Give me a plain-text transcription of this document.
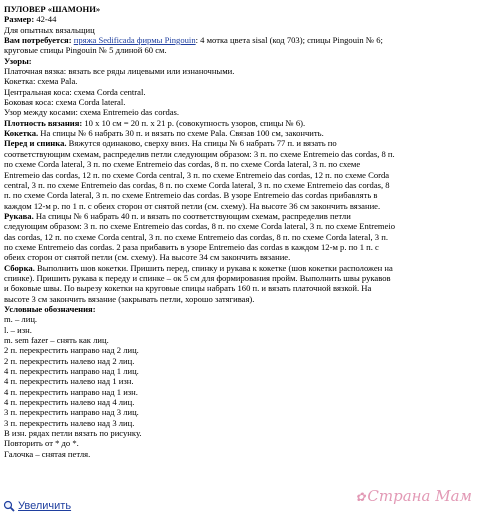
ПУЛОВЕР «ШАМОНИ»
Размер: 42-44
Для опытных вязальщиц
Вам потребуется: пряжа Sedificada фирмы Pingouin: 4 мотка цвета sisal (код 703); спицы Pingouin № 6;
круговые спицы Pingouin № 5 длиной 60 см.
Узоры:
Платочная вязка: вязать все ряды лицевыми или изнаночными.
Кокетка: схема Pala.
Центральная коса: схема Corda central.
Боковая коса: схема Corda lateral.
Узор между косами: схема Entremeio das cordas.
Плотность вязания: 10 х 10 см = 20 п. х 21 р. (совокупность узоров, спицы № 6).
Кокетка. На спицы № 6 набрать 30 п. и вязать по схеме Pala. Связав 100 см, закончить.
Перед и спинка. Вяжутся одинаково, сверху вниз. На спицы № 6 набрать 77 п. и вязать по
соответствующим схемам, распределив петли следующим образом: 3 п. по схеме Entremeio das cordas, 8 п.
по схеме Corda lateral, 3 п. по схеме Entremeio das cordas, 8 п. по схеме Corda lateral, 3 п. по схеме
Entremeio das cordas, 12 п. по схеме Corda central, 3 п. по схеме Entremeio das cordas, 12 п. по схеме Corda
central, 3 п. по схеме Entremeio das cordas, 8 п. по схеме Corda lateral, 3 п. по схеме Entremeio das cordas, 8
п. по схеме Corda lateral, 3 п. по схеме Entremeio das cordas. В узоре Entremeio das cordas прибавлять в
каждом 12-м р. по 1 п. с обеих сторон от снятой петли (см. схему). На высоте 36 см закончить вязание.
Рукава. На спицы № 6 набрать 40 п. и вязать по соответствующим схемам, распределив петли
следующим образом: 3 п. по схеме Entremeio das cordas, 8 п. по схеме Corda lateral, 3 п. по схеме Entremeio
das cordas, 12 п. по схеме Corda central, 3 п. по схеме Entremeio das cordas, 8 п. по схеме Corda lateral, 3 п.
по схеме Entremeio das cordas. 2 раза прибавить в узоре Entremeio das cordas в каждом 12-м р. по 1 п. с
обеих сторон от снятой петли (см. схему). На высоте 34 см закончить вязание.
Сборка. Выполнить шов кокетки. Пришить перед, спинку и рукава к кокетке (шов кокетки расположен на
спинке). Пришить рукава к переду и спинке – ок 5 см для формирования пройм. Выполнить швы рукавов
и боковые швы. По вырезу кокетки на круговые спицы набрать 160 п. и вязать платочной вязкой. На
высоте 3 см закончить вязание (закрывать петли, хорошо затягивая).
Условные обозначения:
m. – лиц.
l. – изн.
m. sem fazer – снять как лиц.
2 п. перекрестить направо над 2 лиц.
2 п. перекрестить налево над 2 лиц.
4 п. перекрестить направо над 1 лиц.
4 п. перекрестить налево над 1 изн.
4 п. перекрестить направо над 1 изн.
4 п. перекрестить налево над 4 лиц.
3 п. перекрестить направо над 3 лиц.
3 п. перекрестить налево над 3 лиц.
В изн. рядах петли вязать по рисунку.
Повторить от * до *.
Галочка – снятая петля.
✿ Страна Мам
Увеличить
